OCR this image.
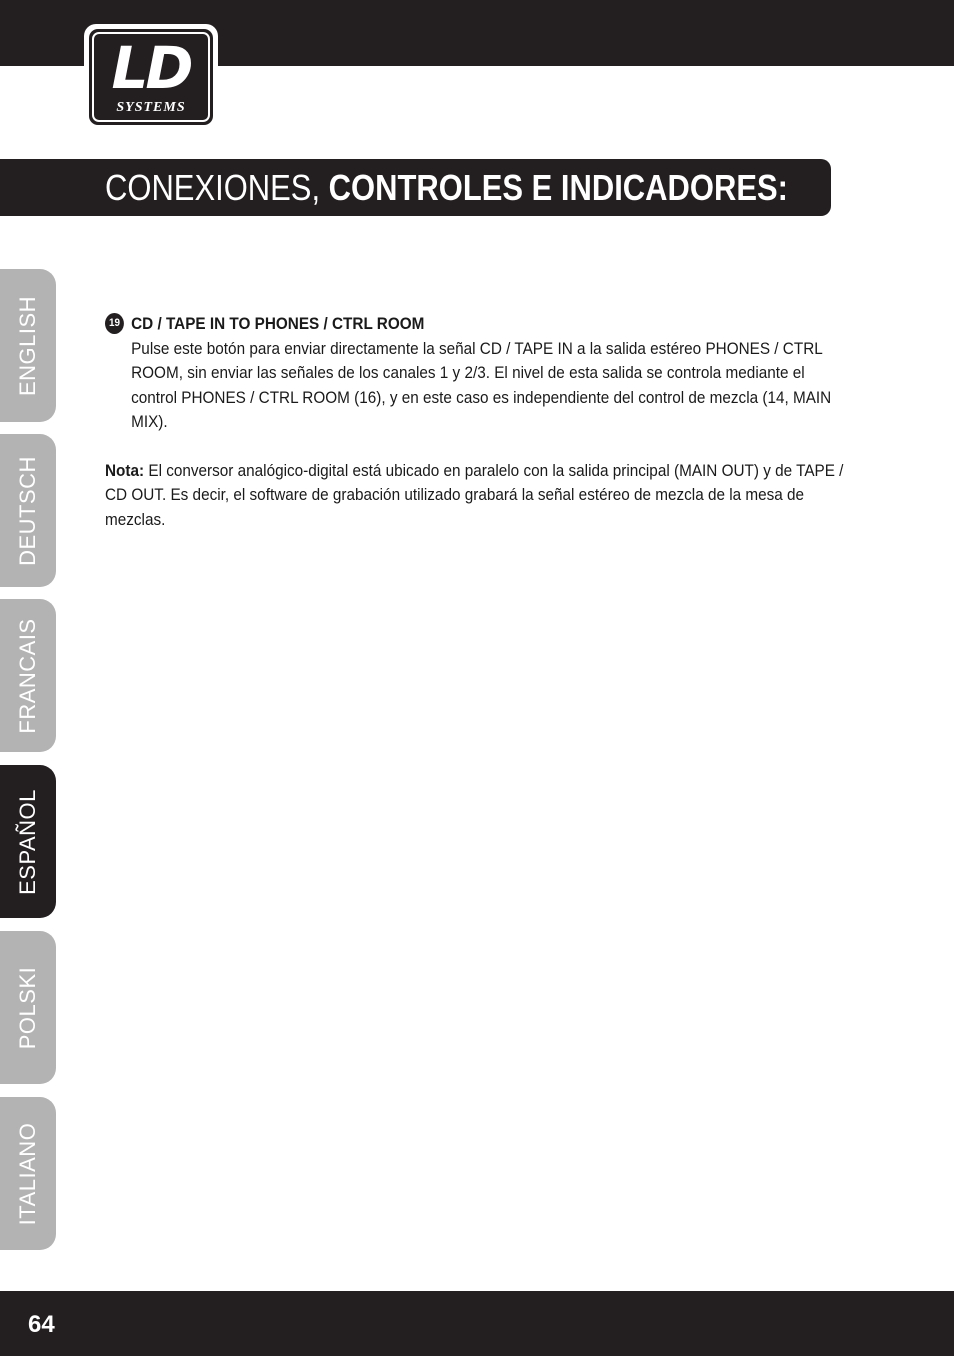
LD
SYSTEMS
CONEXIONES, CONTROLES E INDICADORES:
ENGLISH
DEUTSCH
FRANCAIS
ESPAÑOL
POLSKI
ITALIANO
19 CD / TAPE IN TO PHONES / CTRL ROOM
Pulse este botón para enviar directamente la señal CD / TAPE IN a la salida estéreo PHONES / CTRL ROOM, sin enviar las señales de los canales 1 y 2/3. El nivel de esta salida se controla mediante el control PHONES / CTRL ROOM (16), y en este caso es independiente del control de mezcla (14, MAIN MIX).
Nota: El conversor analógico-digital está ubicado en paralelo con la salida principal (MAIN OUT) y de TAPE / CD OUT. Es decir, el software de grabación utilizado grabará la señal estéreo de mezcla de la mesa de mezclas.
64
